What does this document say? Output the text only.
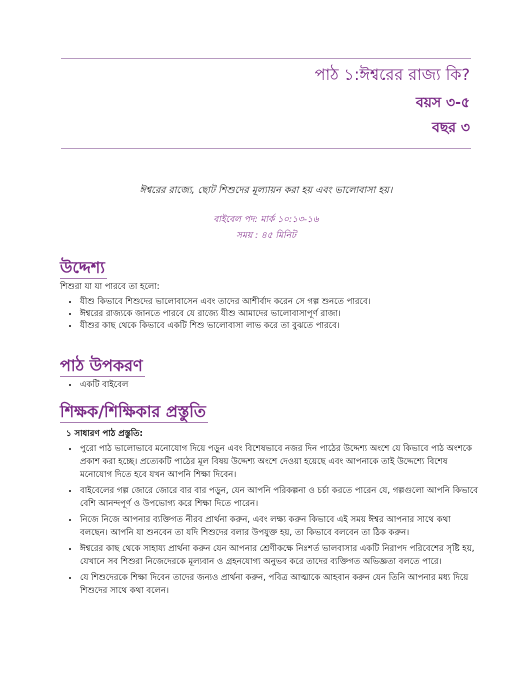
পাঠ ১:ঈশ্বরের রাজ্য কি?
বয়স ৩-৫
বছর ৩
ঈশ্বরের রাজ্যে, ছোট শিশুদের মূল্যায়ন করা হয় এবং ভালোবাসা হয়।
বাইবেল পদ: মার্ক ১০:১৩-১৬
সময় : ৪৫ মিনিট
উদ্দেশ্য
শিশুরা যা যা পারবে তা হলো:
• যীশু কিভাবে শিশুদের ভালোবাসেন এবং তাদের আশীর্বাদ করেন সে গল্প শুনতে পারবে।
• ঈশ্বরের রাজ্যকে জানতে পারবে যে রাজ্যে যীশু আমাদের ভালোবাসাপূর্ণ রাজা।
• যীশুর কাছ থেকে কিভাবে একটি শিশু ভালোবাসা লাভ করে তা বুঝতে পারবে।
পাঠ উপকরণ
• একটি বাইবেল
শিক্ষক/শিক্ষিকার প্রস্তুতি
১ সাধারণ পাঠ প্রস্তুতি:
• পুরো পাঠ ভালোভাবে মনোযোগ দিয়ে পড়ুন এবং বিশেষভাবে নজর দিন পাঠের উদ্দেশ্য অংশে যে কিভাবে পাঠ অংশকে প্রকাশ করা হচ্ছে। প্রত্যেকটি পাঠের মূল বিষয় উদ্দেশ্য অংশে দেওয়া হয়েছে এবং আপনাকে তাই উদ্দেশ্যে বিশেষ মনোযোগ দিতে হবে যখন আপনি শিক্ষা দিবেন।
• বাইবেলের গল্প জোরে জোরে বার বার পড়ুন, যেন আপনি পরিকল্পনা ও চর্চা করতে পারেন যে, গল্পগুলো আপনি কিভাবে বেশি আনন্দপূর্ণ ও উপভোগ্য করে শিক্ষা দিতে পারেন।
• নিজে নিজে আপনার ব্যক্তিগত নীরব প্রার্থনা করুন, এবং লক্ষ্য করুন কিভাবে এই সময় ঈশ্বর আপনার সাথে কথা বলছেন। আপনি যা শুনবেন তা যদি শিশুদের বলার উপযুক্ত হয়, তা কিভাবে বলবেন তা ঠিক করুন।
• ঈশ্বরের কাছ থেকে সাহায্য প্রার্থনা করুন যেন আপনার শ্রেণীকক্ষে নিঃশর্ত ভালবাসার একটি নিরাপদ পরিবেশের সৃষ্টি হয়, যেখানে সব শিশুরা নিজেদেরকে মূল্যবান ও গ্রহনযোগ্য অনুভব করে তাদের ব্যক্তিগত অভিজ্ঞতা বলতে পারে।
• যে শিশুদেরকে শিক্ষা দিবেন তাদের জন্যও প্রার্থনা করুন, পবিত্র আত্মাকে আহবান করুন যেন তিনি আপনার মধ্য দিয়ে শিশুদের সাথে কথা বলেন।
